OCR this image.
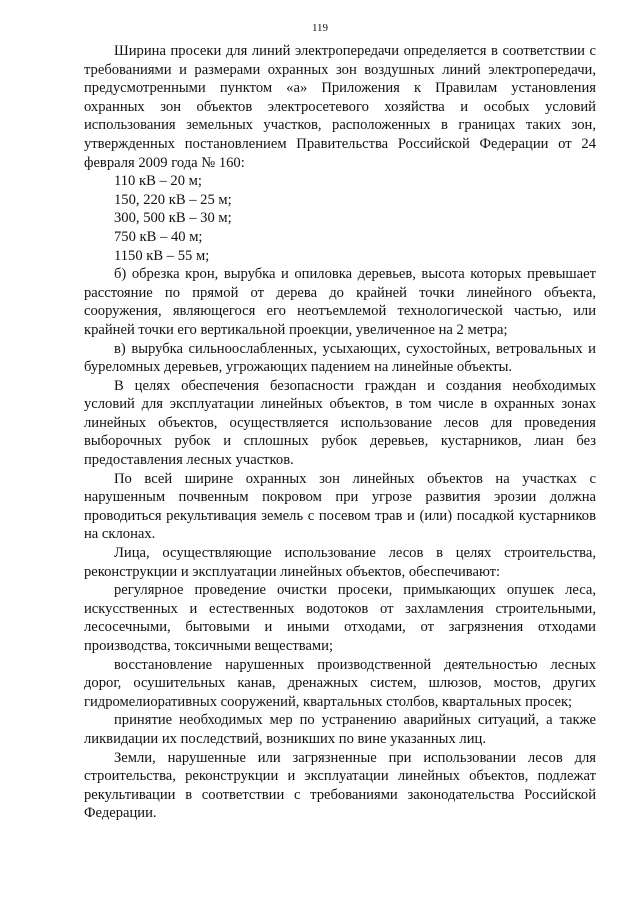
119

Ширина просеки для линий электропередачи определяется в соответствии с требованиями и размерами охранных зон воздушных линий электропередачи, предусмотренными пунктом «а» Приложения к Правилам установления охранных зон объектов электросетевого хозяйства и особых условий использования земельных участков, расположенных в границах таких зон, утвержденных постановлением Правительства Российской Федерации от 24 февраля 2009 года № 160:

110 кВ – 20 м;

150, 220 кВ – 25 м;

300, 500 кВ – 30 м;

750 кВ – 40 м;

1150 кВ – 55 м;

б) обрезка крон, вырубка и опиловка деревьев, высота которых превышает расстояние по прямой от дерева до крайней точки линейного объекта, сооружения, являющегося его неотъемлемой технологической частью, или крайней точки его вертикальной проекции, увеличенное на 2 метра;

в) вырубка сильноослабленных, усыхающих, сухостойных, ветровальных и буреломных деревьев, угрожающих падением на линейные объекты.

В целях обеспечения безопасности граждан и создания необходимых условий для эксплуатации линейных объектов, в том числе в охранных зонах линейных объектов, осуществляется использование лесов для проведения выборочных рубок и сплошных рубок деревьев, кустарников, лиан без предоставления лесных участков.

По всей ширине охранных зон линейных объектов на участках с нарушенным почвенным покровом при угрозе развития эрозии должна проводиться рекультивация земель с посевом трав и (или) посадкой кустарников на склонах.

Лица, осуществляющие использование лесов в целях строительства, реконструкции и эксплуатации линейных объектов, обеспечивают:

регулярное проведение очистки просеки, примыкающих опушек леса, искусственных и естественных водотоков от захламления строительными, лесосечными, бытовыми и иными отходами, от загрязнения отходами производства, токсичными веществами;

восстановление нарушенных производственной деятельностью лесных дорог, осушительных канав, дренажных систем, шлюзов, мостов, других гидромелиоративных сооружений, квартальных столбов, квартальных просек;

принятие необходимых мер по устранению аварийных ситуаций, а также ликвидации их последствий, возникших по вине указанных лиц.

Земли, нарушенные или загрязненные при использовании лесов для строительства, реконструкции и эксплуатации линейных объектов, подлежат рекультивации в соответствии с требованиями законодательства Российской Федерации.
